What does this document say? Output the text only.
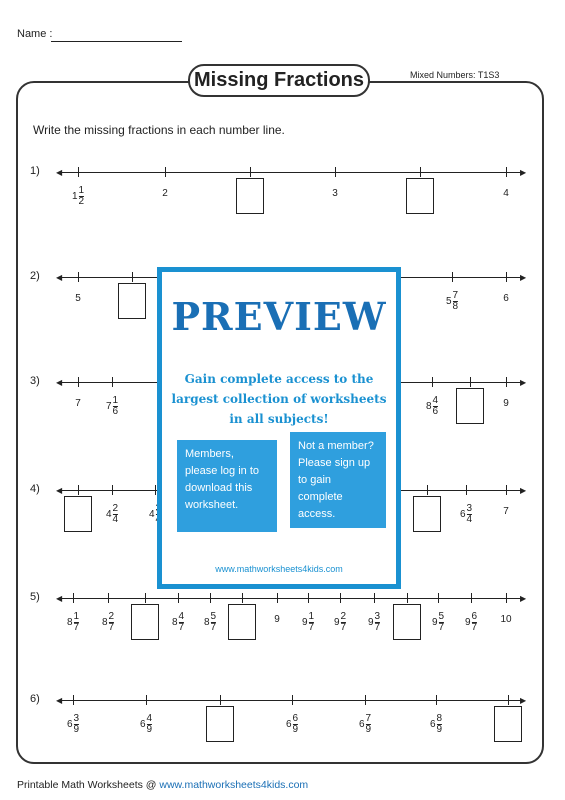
Name :
Missing Fractions	Mixed Numbers: T1S3
Write the missing fractions in each number line.
1) ◀	▶
$1 \frac{1}{2}$	2	3	4
2) ◀	▶
5	$5 \frac{7}{8}$	6
3) ◀	▶
7	$7 \frac{1}{6}$	$8 \frac{4}{6}$	9
4) ◀	▶
$4 \frac{2}{4}$	4	$6 \frac{3}{4}$	7
5) ◀	▶
$8 \frac{1}{7} 8 \frac{2}{7}$	$8 \frac{4}{7} 8 \frac{5}{7}$	9 $9 \frac{1}{7} 9 \frac{2}{7} 9 \frac{3}{7}$	$9 \frac{5}{7} 9 \frac{6}{7} 10$
6) ◀	▶
$6 \frac{3}{9}$	$6 \frac{4}{9}$	$6 \frac{6}{9}$	$6 \frac{7}{9}$	$6 \frac{8}{9}$
PREVIEW
Gain complete access to the largest collection of worksheets in all subjects!
Members, please log in to download this worksheet.
Not a member? Please sign up to gain complete access.
www.mathworksheets4kids.com
Printable Math Worksheets @ www.mathworksheets4kids.com
